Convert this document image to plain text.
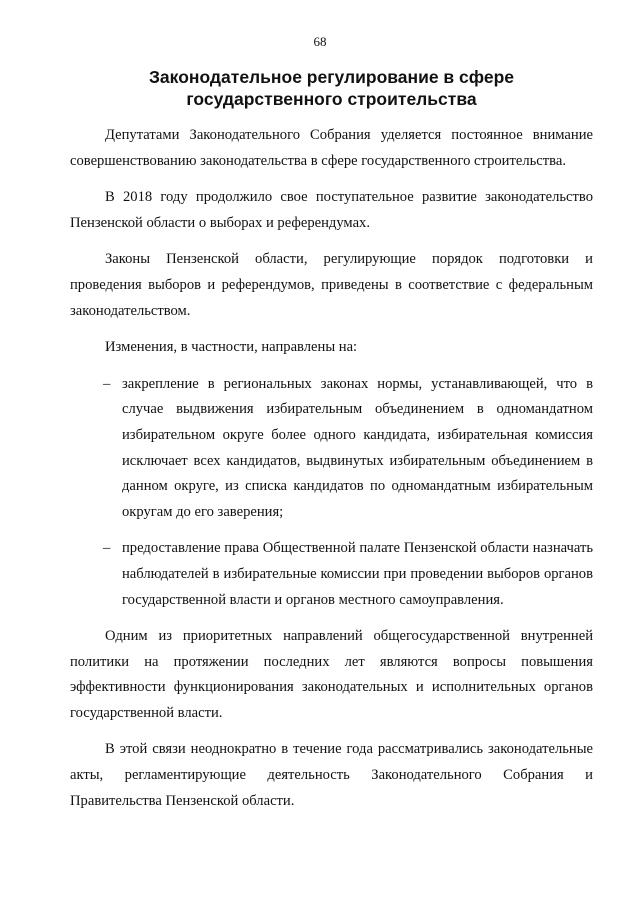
68
Законодательное регулирование в сфере
государственного строительства

Депутатами Законодательного Собрания уделяется постоянное внимание совершенствованию законодательства в сфере государственного строительства.

В 2018 году продолжило свое поступательное развитие законодательство Пензенской области о выборах и референдумах.

Законы Пензенской области, регулирующие порядок подготовки и проведения выборов и референдумов, приведены в соответствие с федеральным законодательством.

Изменения, в частности, направлены на:

– закрепление в региональных законах нормы, устанавливающей, что в случае выдвижения избирательным объединением в одномандатном избирательном округе более одного кандидата, избирательная комиссия исключает всех кандидатов, выдвинутых избирательным объединением в данном округе, из списка кандидатов по одномандатным избирательным округам до его заверения;
– предоставление права Общественной палате Пензенской области назначать наблюдателей в избирательные комиссии при проведении выборов органов государственной власти и органов местного самоуправления.

Одним из приоритетных направлений общегосударственной внутренней политики на протяжении последних лет являются вопросы повышения эффективности функционирования законодательных и исполнительных органов государственной власти.

В этой связи неоднократно в течение года рассматривались законодательные акты, регламентирующие деятельность Законодательного Собрания и Правительства Пензенской области.
